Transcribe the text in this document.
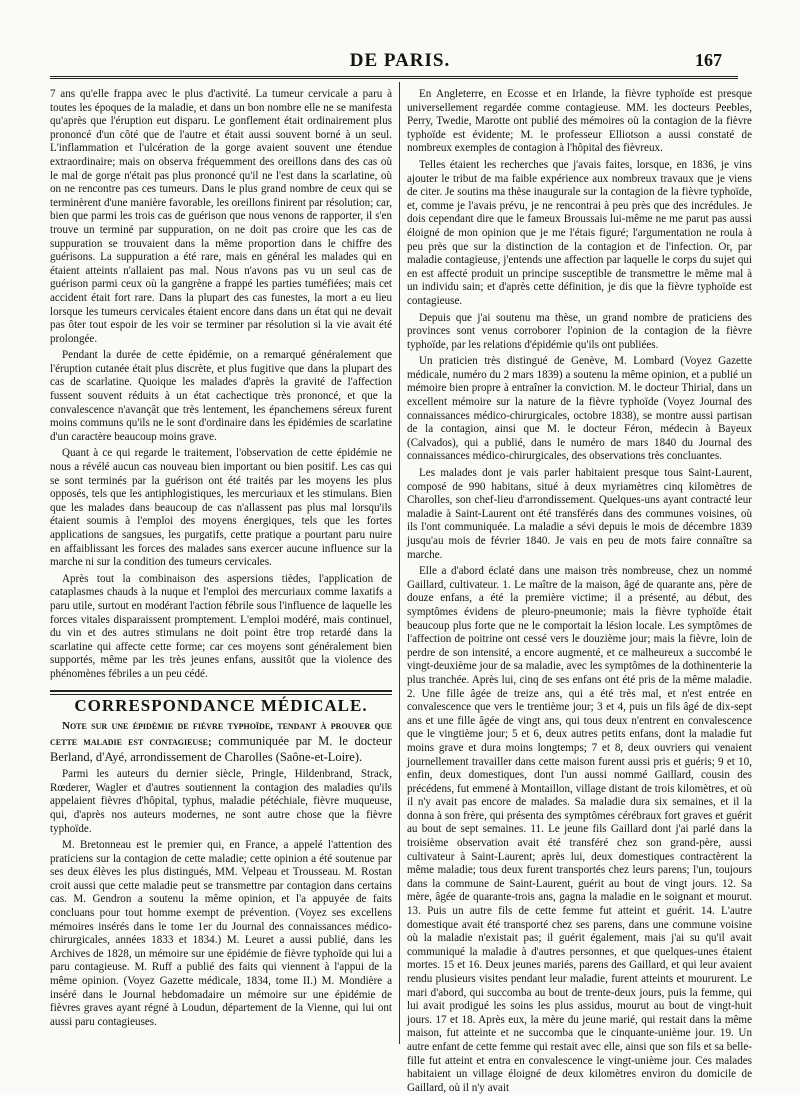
DE PARIS.	167

7 ans qu'elle frappa avec le plus d'activité. La tumeur cervicale a paru à toutes les époques de la maladie, et dans un bon nombre elle ne se manifesta qu'après que l'éruption eut disparu. Le gonflement était ordinairement plus prononcé d'un côté que de l'autre et était aussi souvent borné à un seul. L'inflammation et l'ulcération de la gorge avaient souvent une étendue extraordinaire; mais on observa fréquemment des oreillons dans des cas où le mal de gorge n'était pas plus prononcé qu'il ne l'est dans la scarlatine, où on ne rencontre pas ces tumeurs. Dans le plus grand nombre de ceux qui se terminèrent d'une manière favorable, les oreillons finirent par résolution; car, bien que parmi les trois cas de guérison que nous venons de rapporter, il s'en trouve un terminé par suppuration, on ne doit pas croire que les cas de suppuration se trouvaient dans la même proportion dans le chiffre des guérisons. La suppuration a été rare, mais en général les malades qui en étaient atteints n'allaient pas mal. Nous n'avons pas vu un seul cas de guérison parmi ceux où la gangrène a frappé les parties tuméfiées; mais cet accident était fort rare. Dans la plupart des cas funestes, la mort a eu lieu lorsque les tumeurs cervicales étaient encore dans dans un état qui ne devait pas ôter tout espoir de les voir se terminer par résolution si la vie avait été prolongée.

Pendant la durée de cette épidémie, on a remarqué généralement que l'éruption cutanée était plus discrète, et plus fugitive que dans la plupart des cas de scarlatine. Quoique les malades d'après la gravité de l'affection fussent souvent réduits à un état cachectique très prononcé, et que la convalescence n'avançât que très lentement, les épanchemens séreux furent moins communs qu'ils ne le sont d'ordinaire dans les épidémies de scarlatine d'un caractère beaucoup moins grave.

Quant à ce qui regarde le traitement, l'observation de cette épidémie ne nous a révélé aucun cas nouveau bien important ou bien positif. Les cas qui se sont terminés par la guérison ont été traités par les moyens les plus opposés, tels que les antiphlogistiques, les mercuriaux et les stimulans. Bien que les malades dans beaucoup de cas n'allassent pas plus mal lorsqu'ils étaient soumis à l'emploi des moyens énergiques, tels que les fortes applications de sangsues, les purgatifs, cette pratique a pourtant paru nuire en affaiblissant les forces des malades sans exercer aucune influence sur la marche ni sur la condition des tumeurs cervicales.

Après tout la combinaison des aspersions tièdes, l'application de cataplasmes chauds à la nuque et l'emploi des mercuriaux comme laxatifs a paru utile, surtout en modérant l'action fébrile sous l'influence de laquelle les forces vitales disparaissent promptement. L'emploi modéré, mais continuel, du vin et des autres stimulans ne doit point être trop retardé dans la scarlatine qui affecte cette forme; car ces moyens sont généralement bien supportés, même par les très jeunes enfans, aussitôt que la violence des phénomènes fébriles a un peu cédé.

CORRESPONDANCE MÉDICALE.

Note sur une épidémie de fièvre typhoïde, tendant à prouver que cette maladie est contagieuse; communiquée par M. le docteur Berland, d'Ayé, arrondissement de Charolles (Saône-et-Loire).

Parmi les auteurs du dernier siècle, Pringle, Hildenbrand, Strack, Rœderer, Wagler et d'autres soutiennent la contagion des maladies qu'ils appelaient fièvres d'hôpital, typhus, maladie pétéchiale, fièvre muqueuse, qui, d'après nos auteurs modernes, ne sont autre chose que la fièvre typhoïde.

M. Bretonneau est le premier qui, en France, a appelé l'attention des praticiens sur la contagion de cette maladie; cette opinion a été soutenue par ses deux élèves les plus distingués, MM. Velpeau et Trousseau. M. Rostan croit aussi que cette maladie peut se transmettre par contagion dans certains cas. M. Gendron a soutenu la même opinion, et l'a appuyée de faits concluans pour tout homme exempt de prévention. (Voyez ses excellens mémoires insérés dans le tome 1er du Journal des connaissances médico-chirurgicales, années 1833 et 1834.) M. Leuret a aussi publié, dans les Archives de 1828, un mémoire sur une épidémie de fièvre typhoïde qui lui a paru contagieuse. M. Ruff a publié des faits qui viennent à l'appui de la même opinion. (Voyez Gazette médicale, 1834, tome II.) M. Mondière a inséré dans le Journal hebdomadaire un mémoire sur une épidémie de fièvres graves ayant régné à Loudun, département de la Vienne, qui lui ont aussi paru contagieuses.

En Angleterre, en Ecosse et en Irlande, la fièvre typhoïde est presque universellement regardée comme contagieuse. MM. les docteurs Peebles, Perry, Twedie, Marotte ont publié des mémoires où la contagion de la fièvre typhoïde est évidente; M. le professeur Elliotson a aussi constaté de nombreux exemples de contagion à l'hôpital des fièvreux.

Telles étaient les recherches que j'avais faites, lorsque, en 1836, je vins ajouter le tribut de ma faible expérience aux nombreux travaux que je viens de citer. Je soutins ma thèse inaugurale sur la contagion de la fièvre typhoïde, et, comme je l'avais prévu, je ne rencontrai à peu près que des incrédules. Je dois cependant dire que le fameux Broussais lui-même ne me parut pas aussi éloigné de mon opinion que je me l'étais figuré; l'argumentation ne roula à peu près que sur la distinction de la contagion et de l'infection. Or, par maladie contagieuse, j'entends une affection par laquelle le corps du sujet qui en est affecté produit un principe susceptible de transmettre le même mal à un individu sain; et d'après cette définition, je dis que la fièvre typhoïde est contagieuse.

Depuis que j'ai soutenu ma thèse, un grand nombre de praticiens des provinces sont venus corroborer l'opinion de la contagion de la fièvre typhoïde, par les relations d'épidémie qu'ils ont publiées.

Un praticien très distingué de Genève, M. Lombard (Voyez Gazette médicale, numéro du 2 mars 1839) a soutenu la même opinion, et a publié un mémoire bien propre à entraîner la conviction. M. le docteur Thirial, dans un excellent mémoire sur la nature de la fièvre typhoïde (Voyez Journal des connaissances médico-chirurgicales, octobre 1838), se montre aussi partisan de la contagion, ainsi que M. le docteur Féron, médecin à Bayeux (Calvados), qui a publié, dans le numéro de mars 1840 du Journal des connaissances médico-chirurgicales, des observations très concluantes.

Les malades dont je vais parler habitaient presque tous Saint-Laurent, composé de 990 habitans, situé à deux myriamètres cinq kilomètres de Charolles, son chef-lieu d'arrondissement. Quelques-uns ayant contracté leur maladie à Saint-Laurent ont été transférés dans des communes voisines, où ils l'ont communiquée. La maladie a sévi depuis le mois de décembre 1839 jusqu'au mois de février 1840. Je vais en peu de mots faire connaître sa marche.

Elle a d'abord éclaté dans une maison très nombreuse, chez un nommé Gaillard, cultivateur. 1. Le maître de la maison, âgé de quarante ans, père de douze enfans, a été la première victime; il a présenté, au début, des symptômes évidens de pleuro-pneumonie; mais la fièvre typhoïde était beaucoup plus forte que ne le comportait la lésion locale. Les symptômes de l'affection de poitrine ont cessé vers le douzième jour; mais la fièvre, loin de perdre de son intensité, a encore augmenté, et ce malheureux a succombé le vingt-deuxième jour de sa maladie, avec les symptômes de la dothinenterie la plus tranchée. Après lui, cinq de ses enfans ont été pris de la même maladie. 2. Une fille âgée de treize ans, qui a été très mal, et n'est entrée en convalescence que vers le trentième jour; 3 et 4, puis un fils âgé de dix-sept ans et une fille âgée de vingt ans, qui tous deux n'entrent en convalescence que le vingtième jour; 5 et 6, deux autres petits enfans, dont la maladie fut moins grave et dura moins longtemps; 7 et 8, deux ouvriers qui venaient journellement travailler dans cette maison furent aussi pris et guéris; 9 et 10, enfin, deux domestiques, dont l'un aussi nommé Gaillard, cousin des précédens, fut emmené à Montaillon, village distant de trois kilomètres, et où il n'y avait pas encore de malades. Sa maladie dura six semaines, et il la donna à son frère, qui présenta des symptômes cérébraux fort graves et guérit au bout de sept semaines. 11. Le jeune fils Gaillard dont j'ai parlé dans la troisième observation avait été transféré chez son grand-père, aussi cultivateur à Saint-Laurent; après lui, deux domestiques contractèrent la même maladie; tous deux furent transportés chez leurs parens; l'un, toujours dans la commune de Saint-Laurent, guérit au bout de vingt jours. 12. Sa mère, âgée de quarante-trois ans, gagna la maladie en le soignant et mourut. 13. Puis un autre fils de cette femme fut atteint et guérit. 14. L'autre domestique avait été transporté chez ses parens, dans une commune voisine où la maladie n'existait pas; il guérit également, mais j'ai su qu'il avait communiqué la maladie à d'autres personnes, et que quelques-unes étaient mortes. 15 et 16. Deux jeunes mariés, parens des Gaillard, et qui leur avaient rendu plusieurs visites pendant leur maladie, furent atteints et moururent. Le mari d'abord, qui succomba au bout de trente-deux jours, puis la femme, qui lui avait prodigué les soins les plus assidus, mourut au bout de vingt-huit jours. 17 et 18. Après eux, la mère du jeune marié, qui restait dans la même maison, fut atteinte et ne succomba que le cinquante-unième jour. 19. Un autre enfant de cette femme qui restait avec elle, ainsi que son fils et sa belle-fille fut atteint et entra en convalescence le vingt-unième jour. Ces malades habitaient un village éloigné de deux kilomètres environ du domicile de Gaillard, où il n'y avait
